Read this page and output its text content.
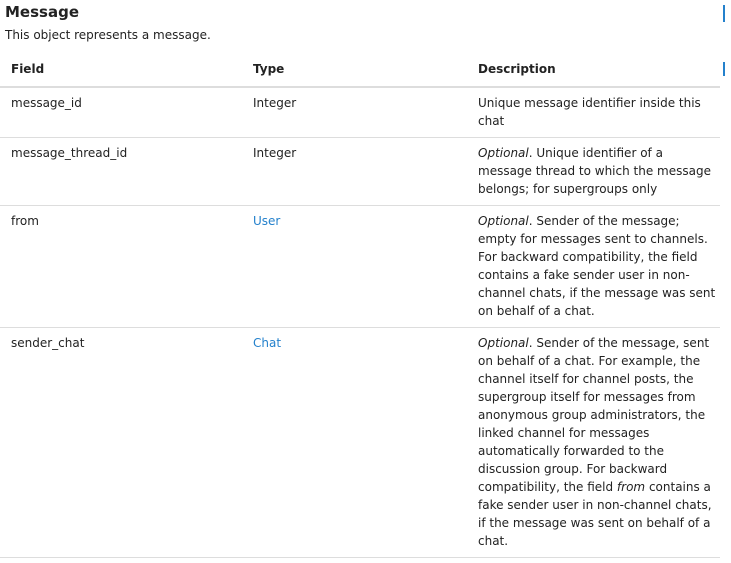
Message

This object represents a message.

Field	Type	Description
message_id	Integer	Unique message identifier inside this chat
message_thread_id	Integer	Optional. Unique identifier of a message thread to which the message belongs; for supergroups only
from	User	Optional. Sender of the message; empty for messages sent to channels. For backward compatibility, the field contains a fake sender user in non-channel chats, if the message was sent on behalf of a chat.
sender_chat	Chat	Optional. Sender of the message, sent on behalf of a chat. For example, the channel itself for channel posts, the supergroup itself for messages from anonymous group administrators, the linked channel for messages automatically forwarded to the discussion group. For backward compatibility, the field from contains a fake sender user in non-channel chats, if the message was sent on behalf of a chat.
